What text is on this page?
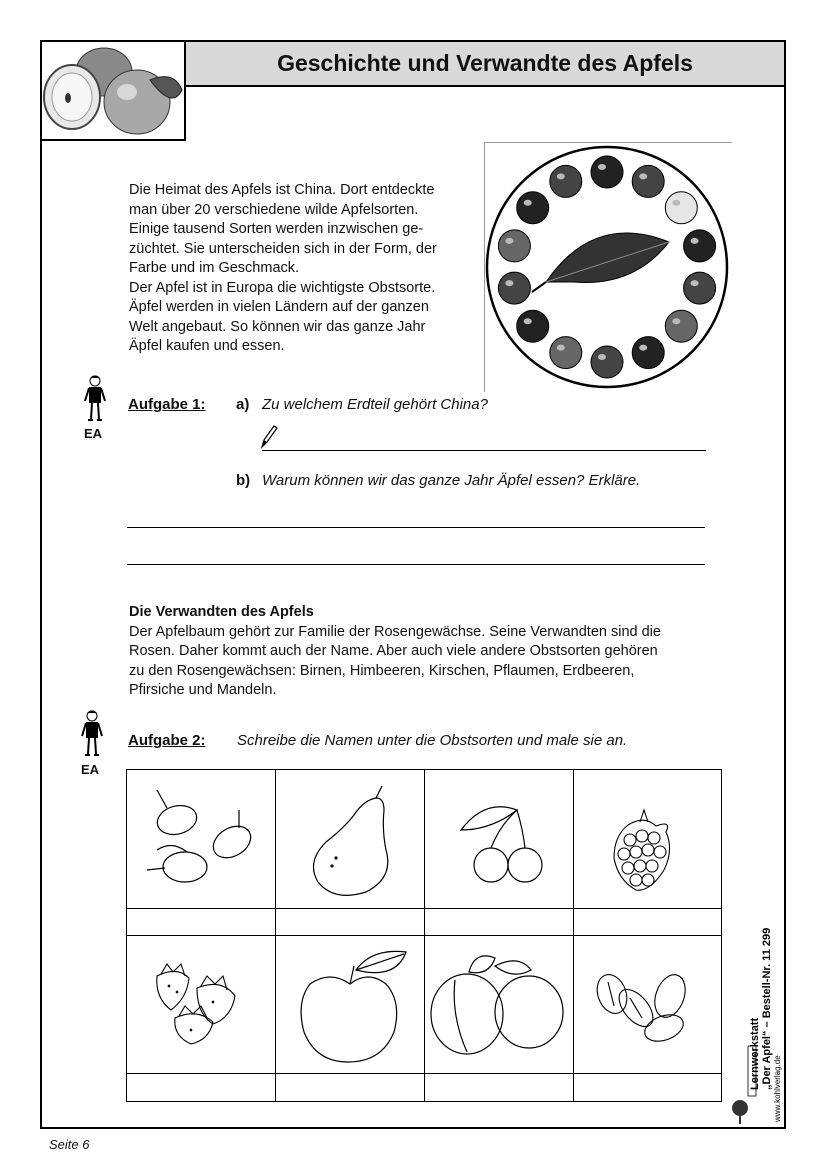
Geschichte und Verwandte des Apfels

Die Heimat des Apfels ist China. Dort entdeckte

man über 20 verschiedene wilde Apfelsorten.

Einige tausend Sorten werden inzwischen ge-

züchtet. Sie unterscheiden sich in der Form, der

Farbe und im Geschmack.

Der Apfel ist in Europa die wichtigste Obstsorte.

Äpfel werden in vielen Ländern auf der ganzen

Welt angebaut. So können wir das ganze Jahr

Äpfel kaufen und essen.

EA
Aufgabe 1: a) Zu welchem Erdteil gehört China?
b) Warum können wir das ganze Jahr Äpfel essen? Erkläre.
Die Verwandten des Apfels

Der Apfelbaum gehört zur Familie der Rosengewächse. Seine Verwandten sind die

Rosen. Daher kommt auch der Name. Aber auch viele andere Obstsorten gehören

zu den Rosengewächsen: Birnen, Himbeeren, Kirschen, Pflaumen, Erdbeeren,

Pfirsiche und Mandeln.

EA
Aufgabe 2: Schreibe die Namen unter die Obstsorten und male sie an.
Lernwerkstatt „Der Apfel“ – Bestell-Nr. 11 299 www.kohlverlag.de
Seite 6
